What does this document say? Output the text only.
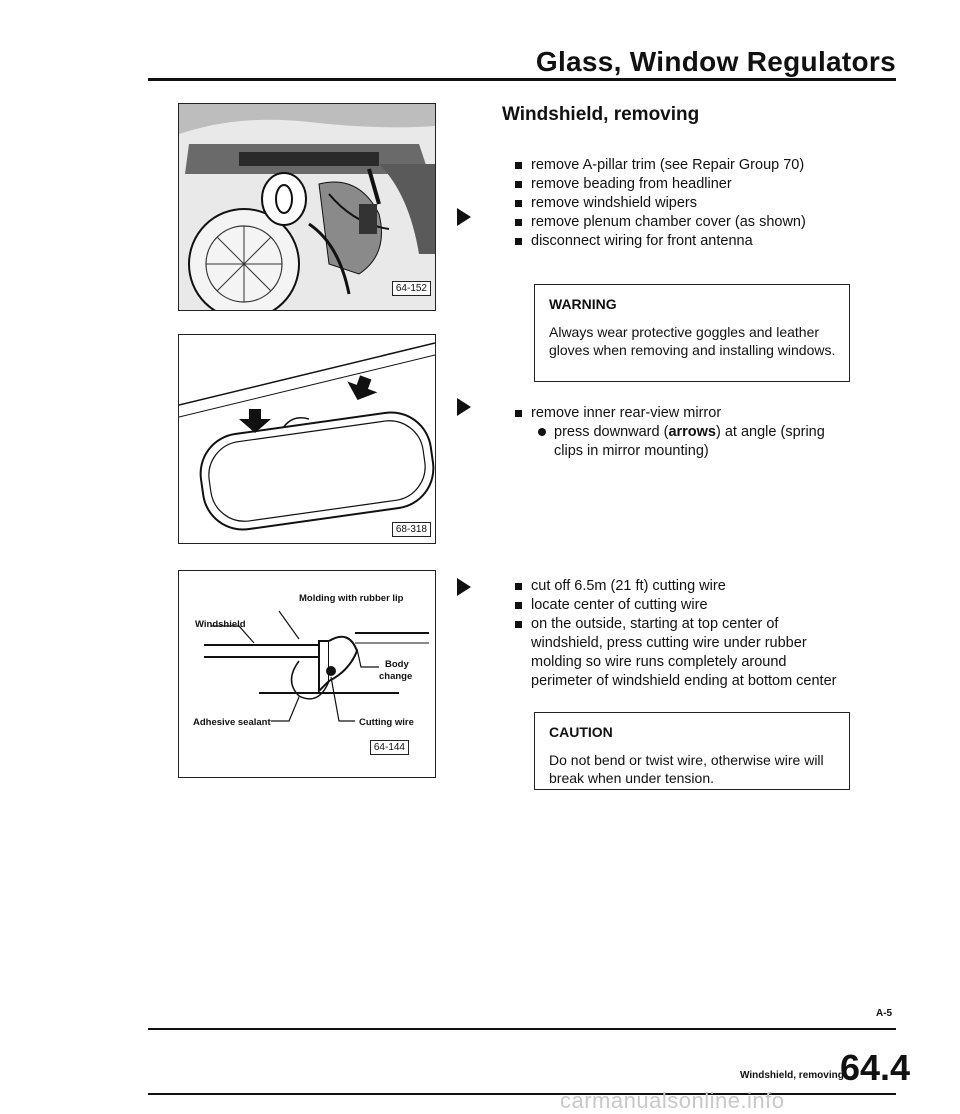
Glass, Window Regulators
64-152
68-318
Molding with rubber lip
Windshield
Body
change
Adhesive sealant	Cutting wire
64-144
Windshield, removing
remove A-pillar trim (see Repair Group 70)
remove beading from headliner
remove windshield wipers
remove plenum chamber cover (as shown)
disconnect wiring for front antenna
WARNING
Always wear protective goggles and leather gloves when removing and installing windows.
remove inner rear-view mirror
press downward (arrows) at angle (spring clips in mirror mounting)
cut off 6.5m (21 ft) cutting wire
locate center of cutting wire
on the outside, starting at top center of windshield, press cutting wire under rubber molding so wire runs completely around perimeter of windshield ending at bottom center
CAUTION
Do not bend or twist wire, otherwise wire will break when under tension.
A-5
Windshield, removing
64.4
carmanualsonline.info
